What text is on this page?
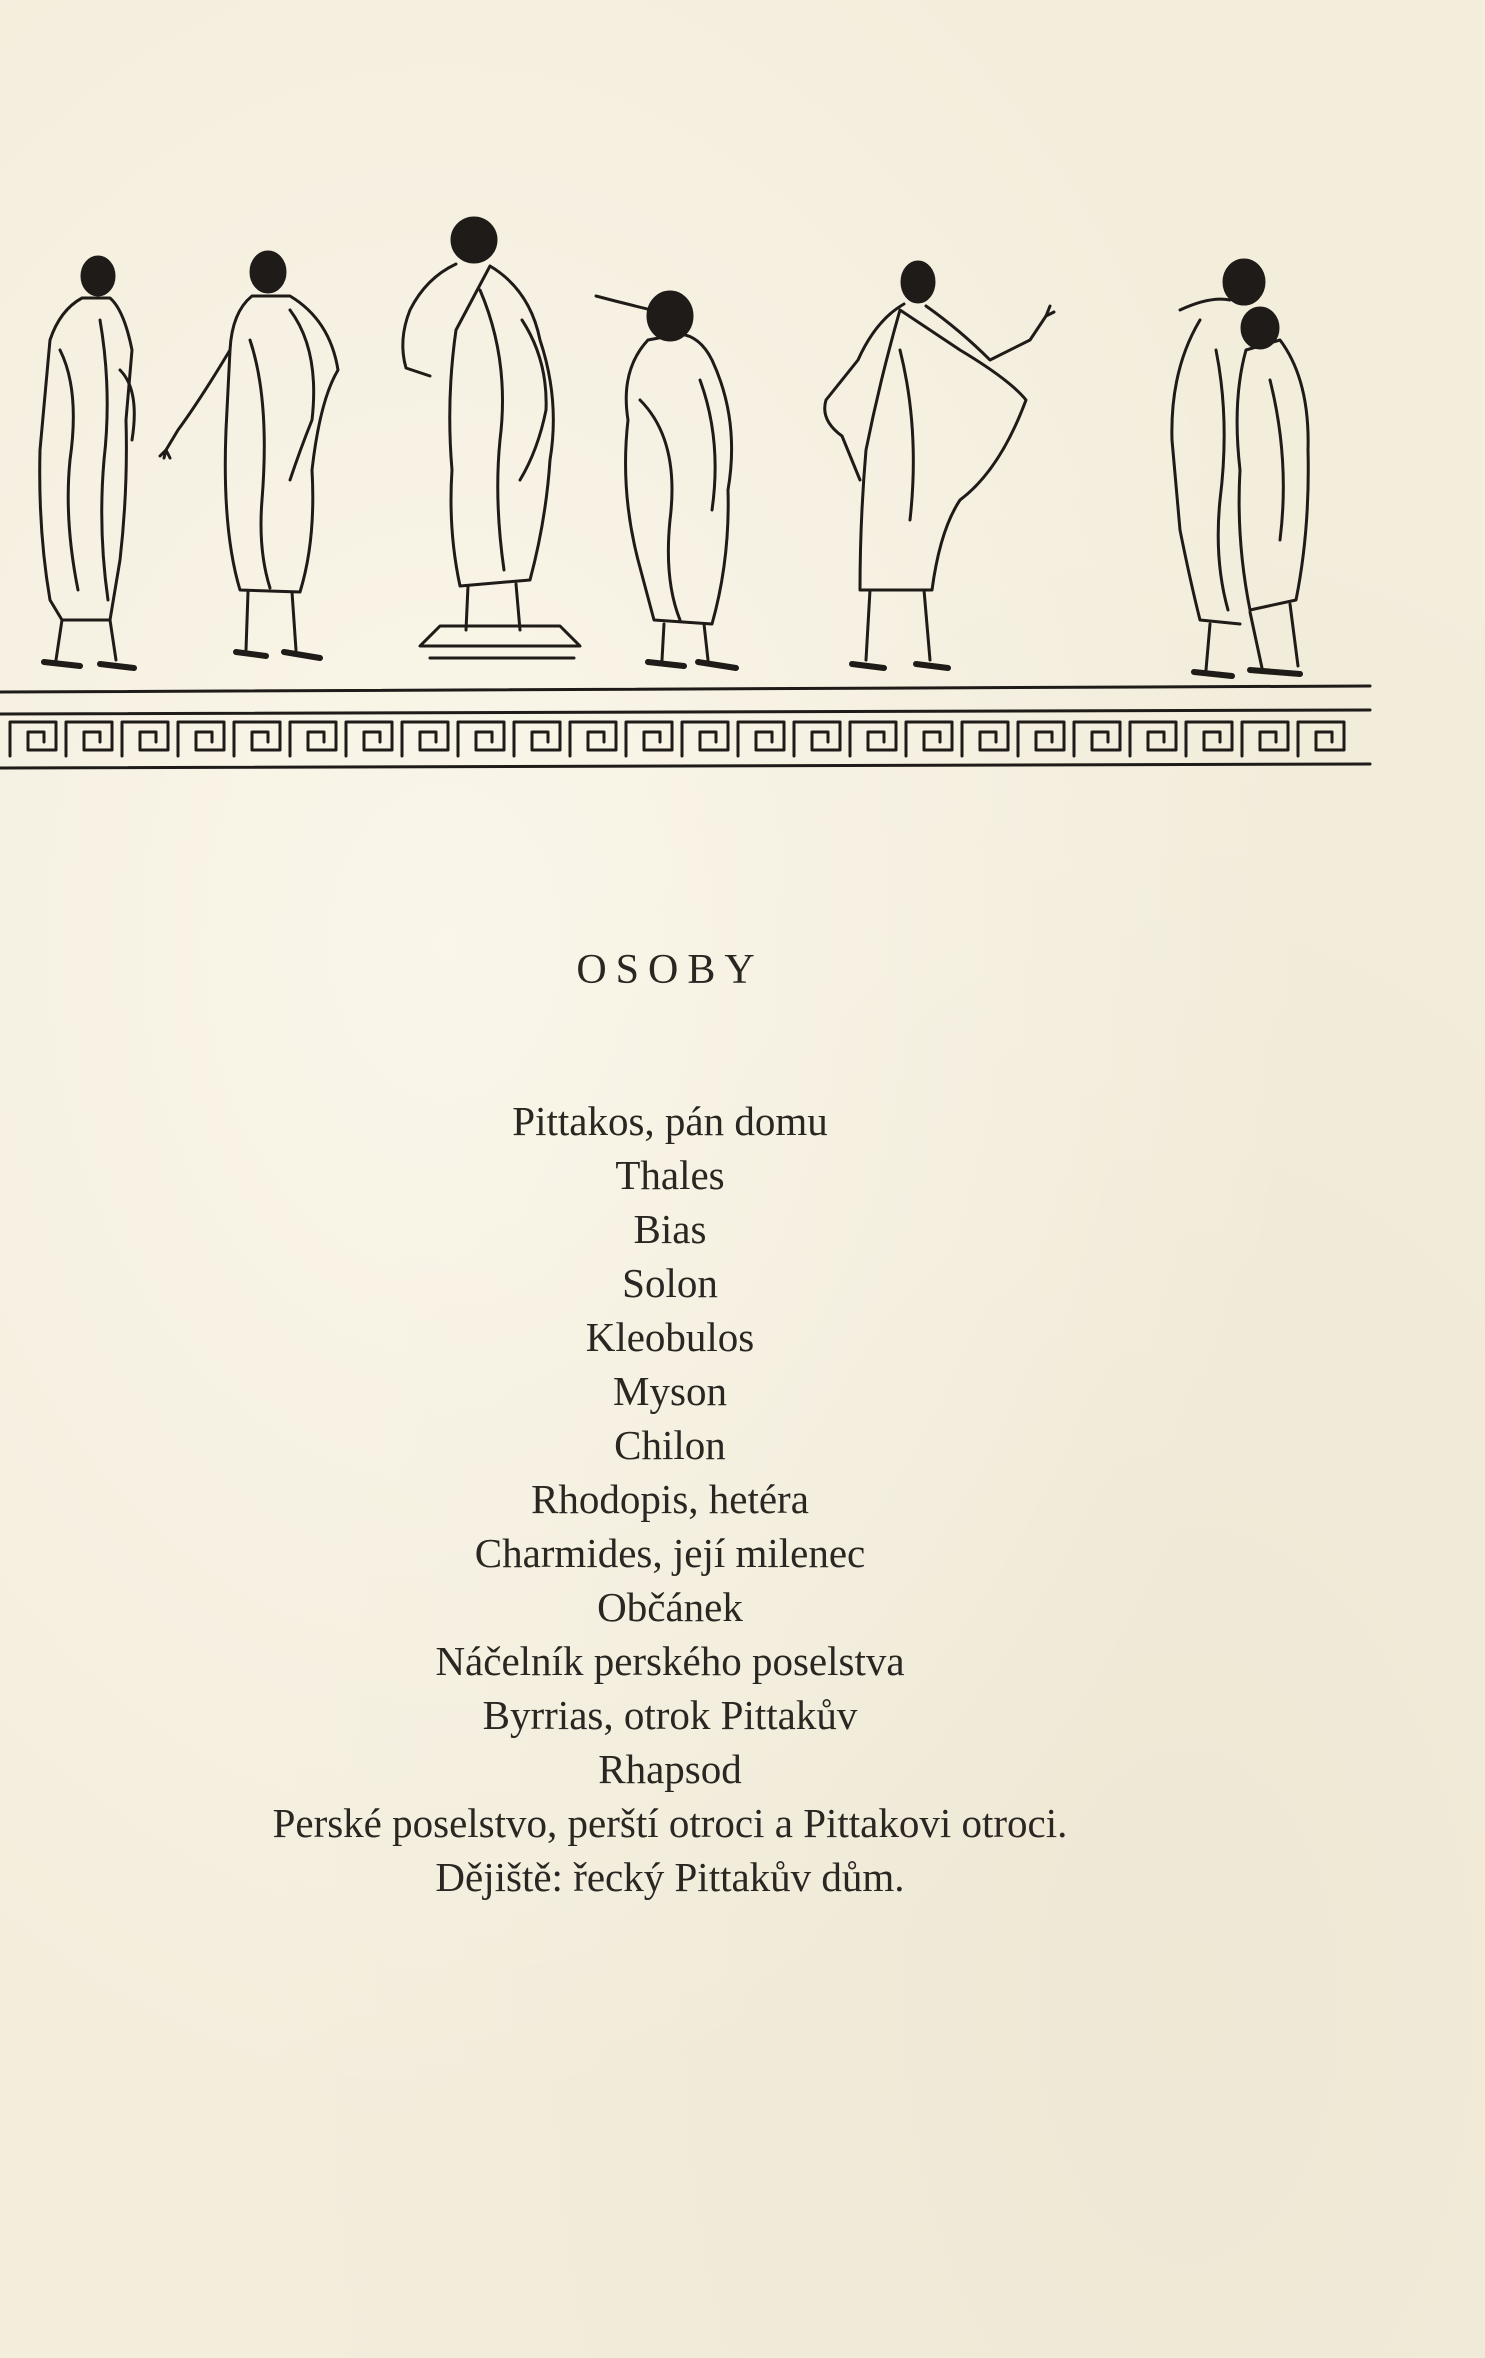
OSOBY
Pittakos, pán domu
Thales
Bias
Solon
Kleobulos
Myson
Chilon
Rhodopis, hetéra
Charmides, její milenec
Občánek
Náčelník perského poselstva
Byrrias, otrok Pittakův
Rhapsod
Perské poselstvo, perští otroci a Pittakovi otroci.
Dějiště: řecký Pittakův dům.
